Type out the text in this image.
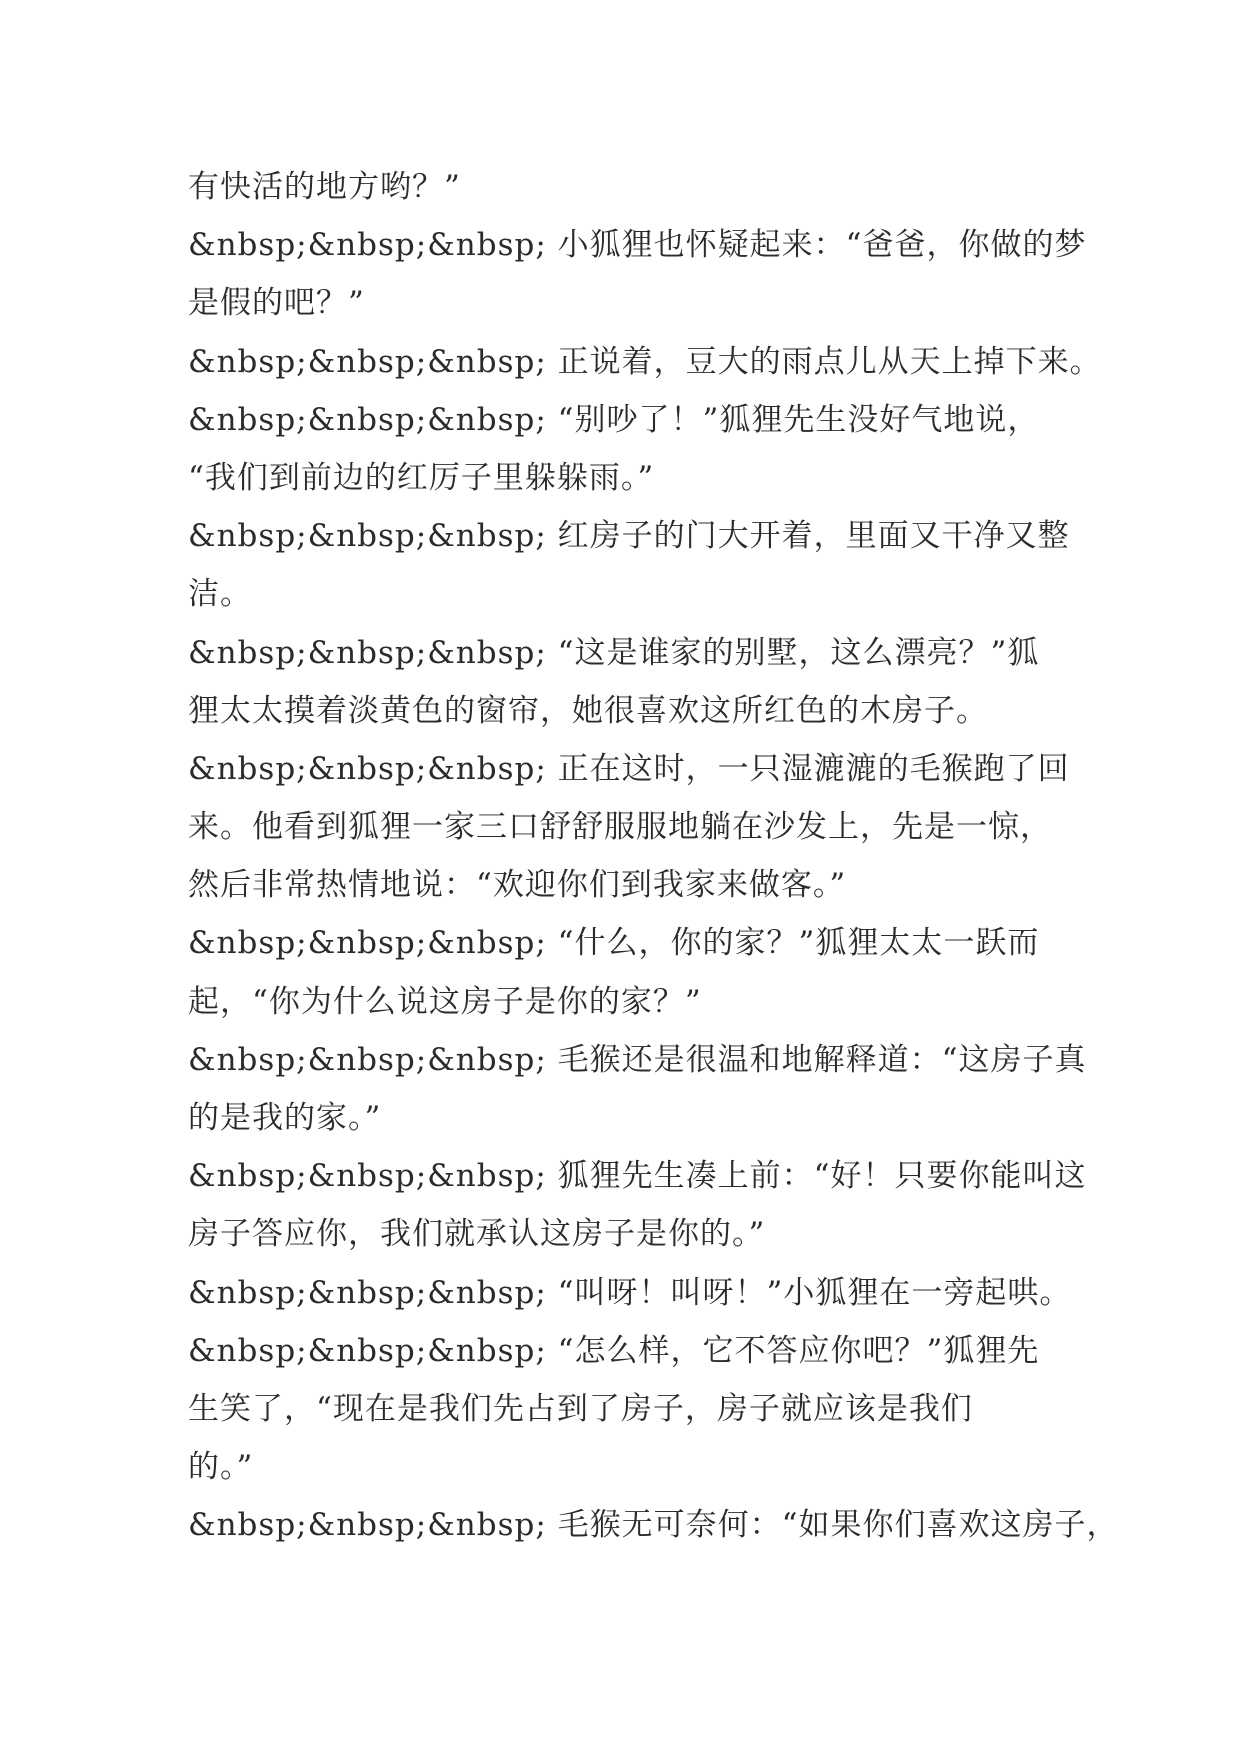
有快活的地方哟？”
&nbsp;&nbsp;&nbsp; 小狐狸也怀疑起来：“爸爸，你做的梦
是假的吧？”
&nbsp;&nbsp;&nbsp; 正说着，豆大的雨点儿从天上掉下来。
&nbsp;&nbsp;&nbsp; “别吵了！”狐狸先生没好气地说，
“我们到前边的红厉子里躲躲雨。”
&nbsp;&nbsp;&nbsp; 红房子的门大开着，里面又干净又整
洁。
&nbsp;&nbsp;&nbsp; “这是谁家的别墅，这么漂亮？”狐
狸太太摸着淡黄色的窗帘，她很喜欢这所红色的木房子。
&nbsp;&nbsp;&nbsp; 正在这时，一只湿漉漉的毛猴跑了回
来。他看到狐狸一家三口舒舒服服地躺在沙发上，先是一惊，
然后非常热情地说：“欢迎你们到我家来做客。”
&nbsp;&nbsp;&nbsp; “什么，你的家？”狐狸太太一跃而
起，“你为什么说这房子是你的家？”
&nbsp;&nbsp;&nbsp; 毛猴还是很温和地解释道：“这房子真
的是我的家。”
&nbsp;&nbsp;&nbsp; 狐狸先生凑上前：“好！只要你能叫这
房子答应你，我们就承认这房子是你的。”
&nbsp;&nbsp;&nbsp; “叫呀！叫呀！”小狐狸在一旁起哄。
&nbsp;&nbsp;&nbsp; “怎么样，它不答应你吧？”狐狸先
生笑了，“现在是我们先占到了房子，房子就应该是我们
的。”
&nbsp;&nbsp;&nbsp; 毛猴无可奈何：“如果你们喜欢这房子，
